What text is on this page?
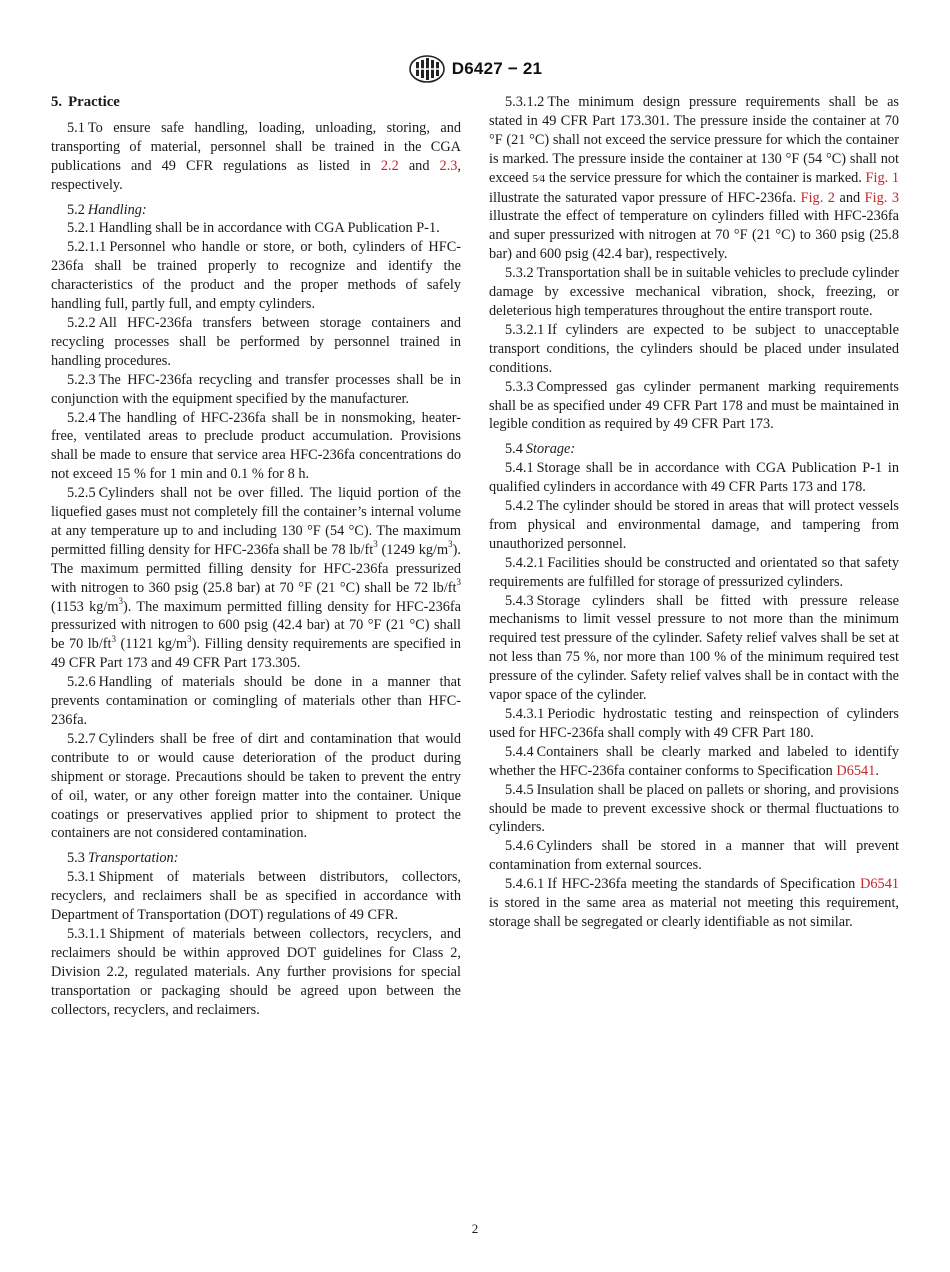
D6427 − 21
5. Practice

5.1 To ensure safe handling, loading, unloading, storing, and transporting of material, personnel shall be trained in the CGA publications and 49 CFR regulations as listed in 2.2 and 2.3, respectively.

5.2 Handling:

5.2.1 Handling shall be in accordance with CGA Publication P-1.

5.2.1.1 Personnel who handle or store, or both, cylinders of HFC-236fa shall be trained properly to recognize and identify the characteristics of the product and the proper methods of safely handling full, partly full, and empty cylinders.

5.2.2 All HFC-236fa transfers between storage containers and recycling processes shall be performed by personnel trained in handling procedures.

5.2.3 The HFC-236fa recycling and transfer processes shall be in conjunction with the equipment specified by the manufacturer.

5.2.4 The handling of HFC-236fa shall be in nonsmoking, heater-free, ventilated areas to preclude product accumulation. Provisions shall be made to ensure that service area HFC-236fa concentrations do not exceed 15 % for 1 min and 0.1 % for 8 h.

5.2.5 Cylinders shall not be over filled. The liquid portion of the liquefied gases must not completely fill the container’s internal volume at any temperature up to and including 130 °F (54 °C). The maximum permitted filling density for HFC-236fa shall be 78 $lb/ft^3$ (1249 $kg/m^3$). The maximum permitted filling density for HFC-236fa pressurized with nitrogen to 360 psig (25.8 bar) at 70 °F (21 °C) shall be 72 $lb/ft^3$ (1153 $kg/m^3$). The maximum permitted filling density for HFC-236fa pressurized with nitrogen to 600 psig (42.4 bar) at 70 °F (21 °C) shall be 70 $lb/ft^3$ (1121 $kg/m^3$). Filling density requirements are specified in 49 CFR Part 173 and 49 CFR Part 173.305.

5.2.6 Handling of materials should be done in a manner that prevents contamination or comingling of materials other than HFC-236fa.

5.2.7 Cylinders shall be free of dirt and contamination that would contribute to or would cause deterioration of the product during shipment or storage. Precautions should be taken to prevent the entry of oil, water, or any other foreign matter into the container. Unique coatings or preservatives applied prior to shipment to protect the containers are not considered contamination.

5.3 Transportation:

5.3.1 Shipment of materials between distributors, collectors, recyclers, and reclaimers shall be as specified in accordance with Department of Transportation (DOT) regulations of 49 CFR.

5.3.1.1 Shipment of materials between collectors, recyclers, and reclaimers should be within approved DOT guidelines for Class 2, Division 2.2, regulated materials. Any further provisions for special transportation or packaging should be agreed upon between the collectors, recyclers, and reclaimers.

5.3.1.2 The minimum design pressure requirements shall be as stated in 49 CFR Part 173.301. The pressure inside the container at 70 °F (21 °C) shall not exceed the service pressure for which the container is marked. The pressure inside the container at 130 °F (54 °C) shall not exceed 5⁄4 the service pressure for which the container is marked. Fig. 1 illustrate the saturated vapor pressure of HFC-236fa. Fig. 2 and Fig. 3 illustrate the effect of temperature on cylinders filled with HFC-236fa and super pressurized with nitrogen at 70 °F (21 °C) to 360 psig (25.8 bar) and 600 psig (42.4 bar), respectively.

5.3.2 Transportation shall be in suitable vehicles to preclude cylinder damage by excessive mechanical vibration, shock, freezing, or deleterious high temperatures throughout the entire transport route.

5.3.2.1 If cylinders are expected to be subject to unacceptable transport conditions, the cylinders should be placed under insulated conditions.

5.3.3 Compressed gas cylinder permanent marking requirements shall be as specified under 49 CFR Part 178 and must be maintained in legible condition as required by 49 CFR Part 173.

5.4 Storage:

5.4.1 Storage shall be in accordance with CGA Publication P-1 in qualified cylinders in accordance with 49 CFR Parts 173 and 178.

5.4.2 The cylinder should be stored in areas that will protect vessels from physical and environmental damage, and tampering from unauthorized personnel.

5.4.2.1 Facilities should be constructed and orientated so that safety requirements are fulfilled for storage of pressurized cylinders.

5.4.3 Storage cylinders shall be fitted with pressure release mechanisms to limit vessel pressure to not more than the minimum required test pressure of the cylinder. Safety relief valves shall be set at not less than 75 %, nor more than 100 % of the minimum required test pressure of the cylinder. Safety relief valves shall be in contact with the vapor space of the cylinder.

5.4.3.1 Periodic hydrostatic testing and reinspection of cylinders used for HFC-236fa shall comply with 49 CFR Part 180.

5.4.4 Containers shall be clearly marked and labeled to identify whether the HFC-236fa container conforms to Specification D6541.

5.4.5 Insulation shall be placed on pallets or shoring, and provisions should be made to prevent excessive shock or thermal fluctuations to cylinders.

5.4.6 Cylinders shall be stored in a manner that will prevent contamination from external sources.

5.4.6.1 If HFC-236fa meeting the standards of Specification D6541 is stored in the same area as material not meeting this requirement, storage shall be segregated or clearly identifiable as not similar.

2
